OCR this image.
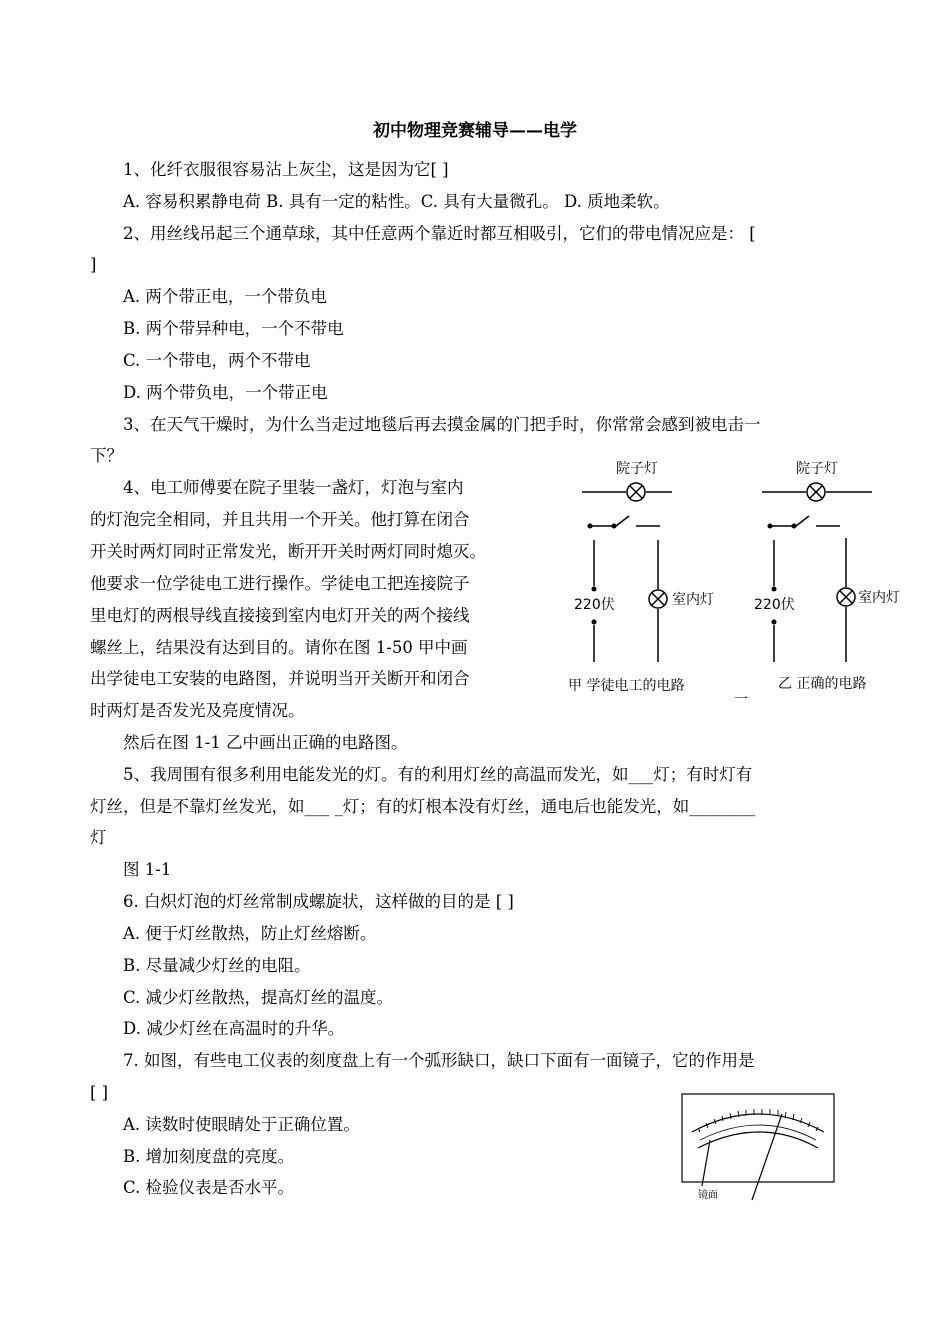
初中物理竞赛辅导——电学
1、化纤衣服很容易沾上灰尘，这是因为它[ ]
A. 容易积累静电荷 B. 具有一定的粘性。C. 具有大量微孔。 D. 质地柔软。
2、用丝线吊起三个通草球，其中任意两个靠近时都互相吸引，它们的带电情况应是： [
]
A. 两个带正电，一个带负电
B. 两个带异种电，一个不带电
C. 一个带电，两个不带电
D. 两个带负电，一个带正电
3、在天气干燥时，为什么当走过地毯后再去摸金属的门把手时，你常常会感到被电击一
下？
4、电工师傅要在院子里装一盏灯，灯泡与室内
的灯泡完全相同，并且共用一个开关。他打算在闭合
开关时两灯同时正常发光，断开开关时两灯同时熄灭。
他要求一位学徒电工进行操作。学徒电工把连接院子
里电灯的两根导线直接接到室内电灯开关的两个接线
螺丝上，结果没有达到目的。请你在图 1-50 甲中画
出学徒电工安装的电路图，并说明当开关断开和闭合
时两灯是否发光及亮度情况。
然后在图 1-1 乙中画出正确的电路图。
5、我周围有很多利用电能发光的灯。有的利用灯丝的高温而发光，如___灯；有时灯有
灯丝，但是不靠灯丝发光，如___ _灯；有的灯根本没有灯丝，通电后也能发光，如________
灯
图 1-1
6. 白炽灯泡的灯丝常制成螺旋状，这样做的目的是 [ ]
A. 便于灯丝散热，防止灯丝熔断。
B. 尽量减少灯丝的电阻。
C. 减少灯丝散热，提高灯丝的温度。
D. 减少灯丝在高温时的升华。
7. 如图，有些电工仪表的刻度盘上有一个弧形缺口，缺口下面有一面镜子，它的作用是
[ ]
A. 读数时使眼睛处于正确位置。
B. 增加刻度盘的亮度。
C. 检验仪表是否水平。
院子灯
220伏	室内灯
甲 学徒电工的电路
一
院子灯
220伏	室内灯
乙 正确的电路
镜面
